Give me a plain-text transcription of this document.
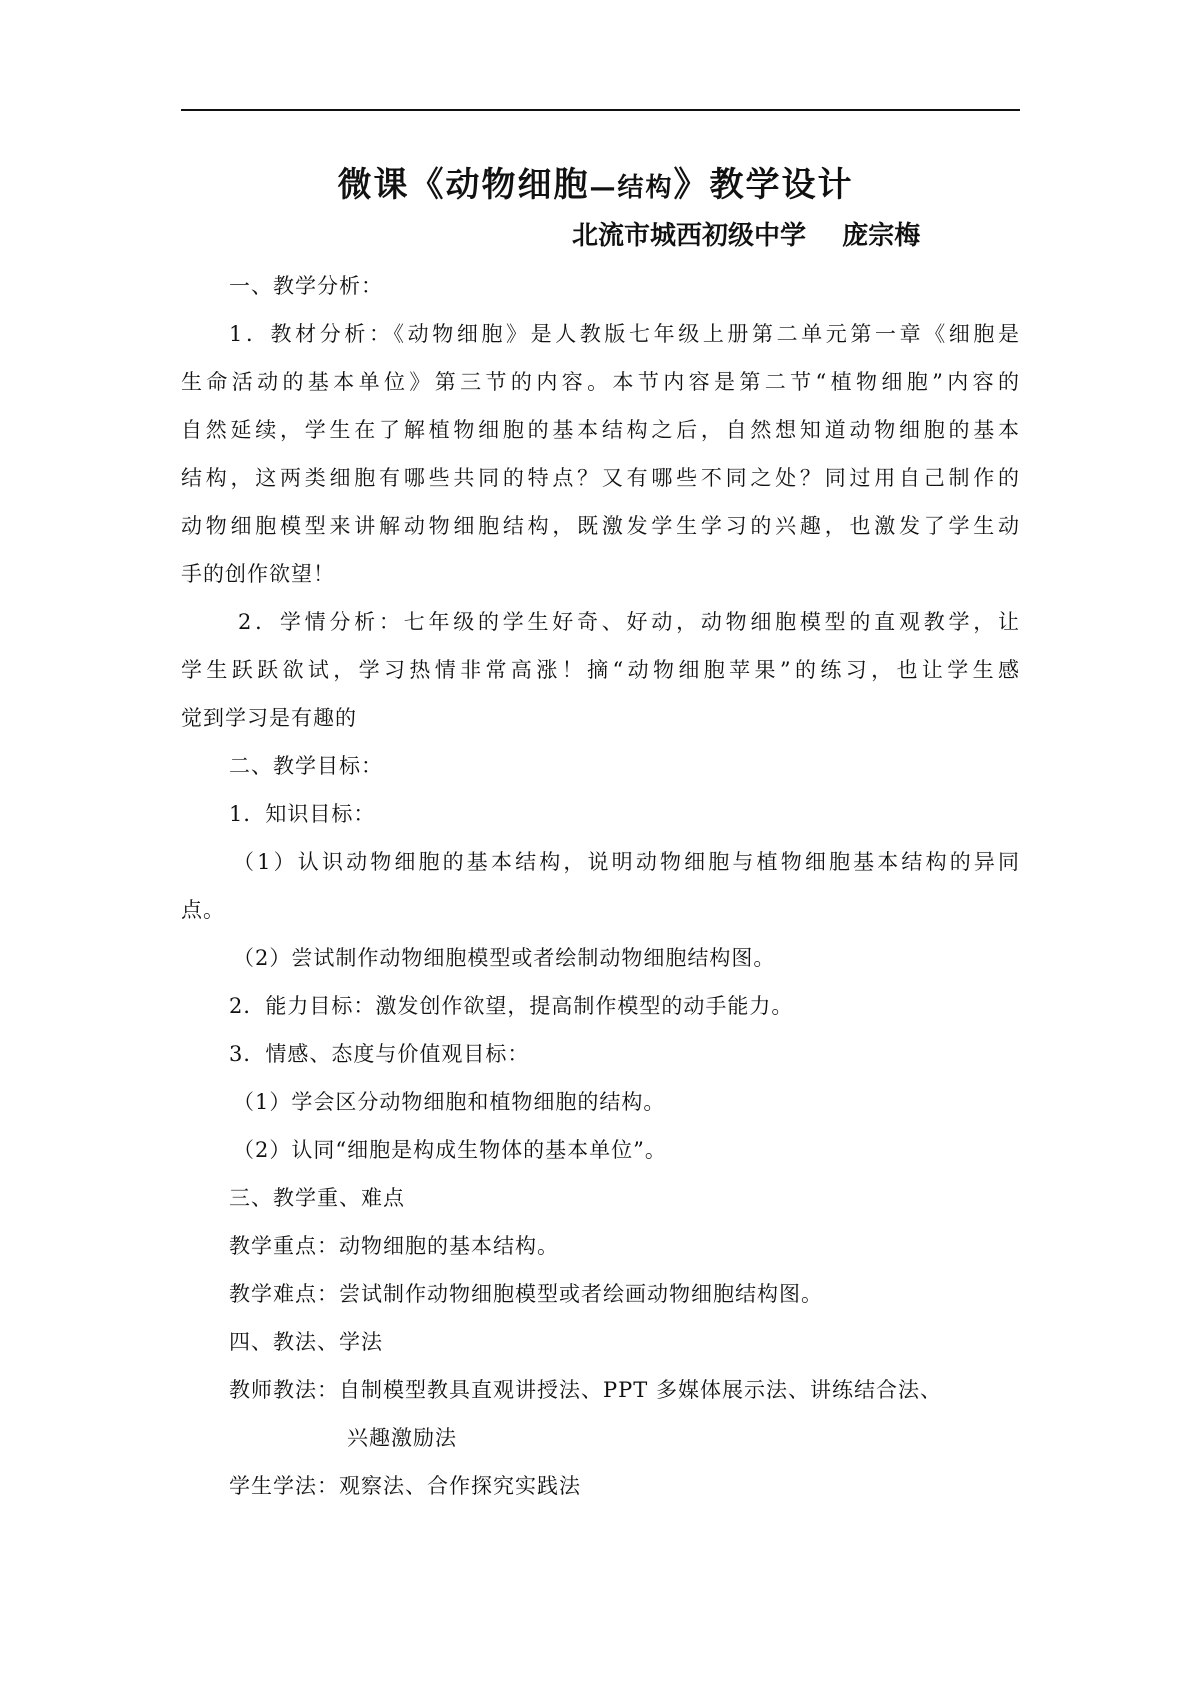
微课《动物细胞—结构》教学设计
北流市城西初级中学    庞宗梅
一、教学分析：
1．教材分析：《动物细胞》是人教版七年级上册第二单元第一章《细胞是
生命活动的基本单位》第三节的内容。本节内容是第二节“植物细胞”内容的
自然延续，学生在了解植物细胞的基本结构之后，自然想知道动物细胞的基本
结构，这两类细胞有哪些共同的特点？又有哪些不同之处？同过用自己制作的
动物细胞模型来讲解动物细胞结构，既激发学生学习的兴趣，也激发了学生动
手的创作欲望！
2．学情分析：七年级的学生好奇、好动，动物细胞模型的直观教学，让
学生跃跃欲试，学习热情非常高涨！摘“动物细胞苹果”的练习，也让学生感
觉到学习是有趣的
二、教学目标：
1．知识目标：
（1）认识动物细胞的基本结构，说明动物细胞与植物细胞基本结构的异同
点。
（2）尝试制作动物细胞模型或者绘制动物细胞结构图。
2．能力目标：激发创作欲望，提高制作模型的动手能力。
3．情感、态度与价值观目标：
（1）学会区分动物细胞和植物细胞的结构。
（2）认同“细胞是构成生物体的基本单位”。
三、教学重、难点
教学重点：动物细胞的基本结构。
教学难点：尝试制作动物细胞模型或者绘画动物细胞结构图。
四、教法、学法
教师教法：自制模型教具直观讲授法、PPT 多媒体展示法、讲练结合法、
兴趣激励法
学生学法：观察法、合作探究实践法
